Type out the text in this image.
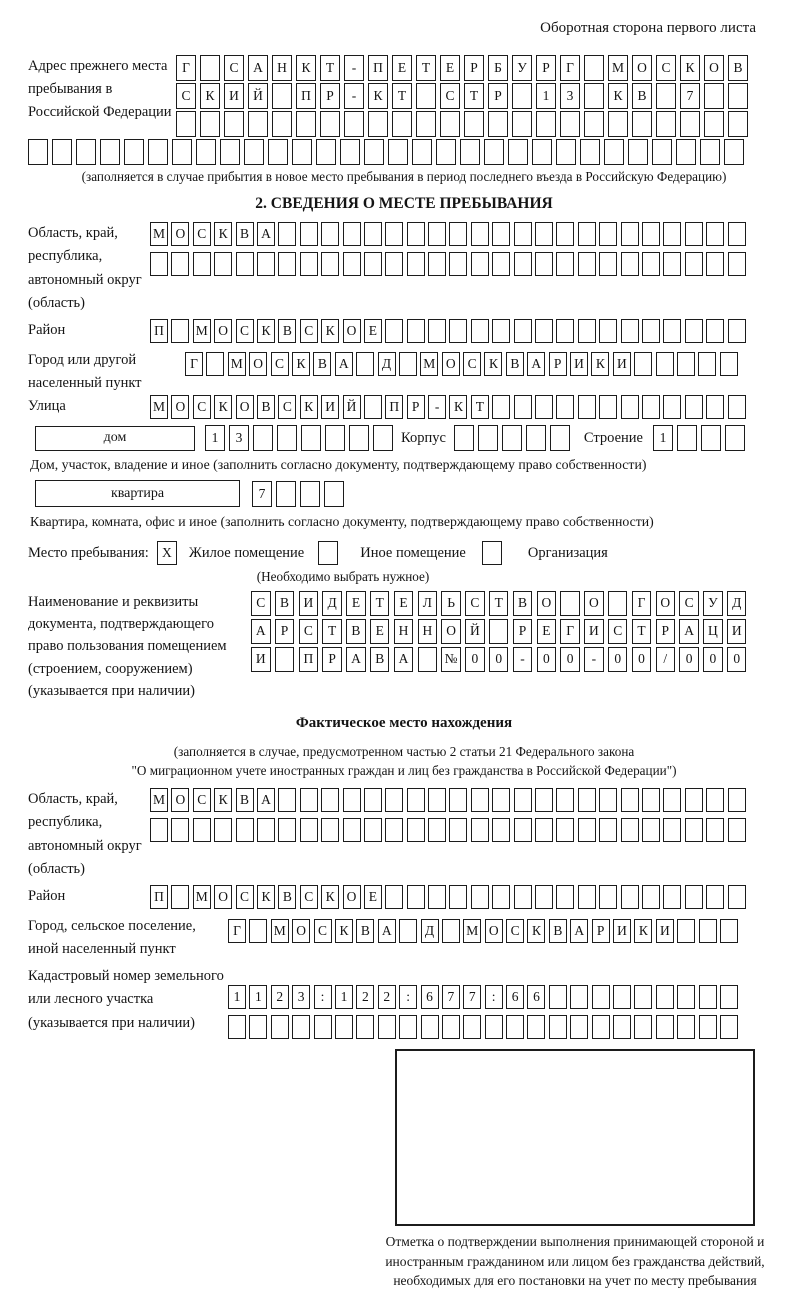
Оборотная сторона первого листа
Адрес прежнего места пребывания в Российской Федерации
Г	С	А	Н	К	Т	-	П	Е	Т	Е	Р	Б	У	Р	Г	М О	С	К	О	В
С	К	И	Й	П	Р	-	К	Т	С	Т	Р	1	3	К	В	7
(заполняется в случае прибытия в новое место пребывания в период последнего въезда в Российскую Федерацию)
2. СВЕДЕНИЯ О МЕСТЕ ПРЕБЫВАНИЯ
Область, край, республика, автономный округ (область)
М О С К В А
Район	П	М О С К В С К О Е
Город или другой населенный пункт
Г	М О С К В А	Д	М О С К В А Р И К И
Улица	М О С К О В С К И Й	П Р	-	К Т
дом	1	3	Корпус	Строение	1
Дом, участок, владение и иное (заполнить согласно документу, подтверждающему право собственности)
квартира	7
Квартира, комната, офис и иное (заполнить согласно документу, подтверждающему право собственности)
Место пребывания: X	Жилое помещение	Иное помещение	Организация
(Необходимо выбрать нужное)
Наименование и реквизиты документа, подтверждающего право пользования помещением (строением, сооружением) (указывается при наличии)
С	В	И	Д	Е	Т	Е	Л	Ь	С	Т	В	О	О	Г	О	С	У	Д
А	Р	С	Т	В	Е	Н	Н	О	Й	Р	Е	Г	И	С	Т	Р	А	Ц	И
И	П	Р	А	В	А	№	0	0	-	0	0	-	0	0	/	0	0	0
Фактическое место нахождения
(заполняется в случае, предусмотренном частью 2 статьи 21 Федерального закона
"О миграционном учете иностранных граждан и лиц без гражданства в Российской Федерации")
Область, край, республика, автономный округ (область)
М О С К В А
Район	П	М О С К В С К О Е
Город, сельское поселение, иной населенный пункт
Г	М О С К В А	Д	М О С К В А Р И К И
Кадастровый номер земельного или лесного участка (указывается при наличии)
1	1	2	3	:	1	2	2	:	6	7	7	:	6	6
Отметка о подтверждении выполнения принимающей стороной и иностранным гражданином или лицом без гражданства действий, необходимых для его постановки на учет по месту пребывания
